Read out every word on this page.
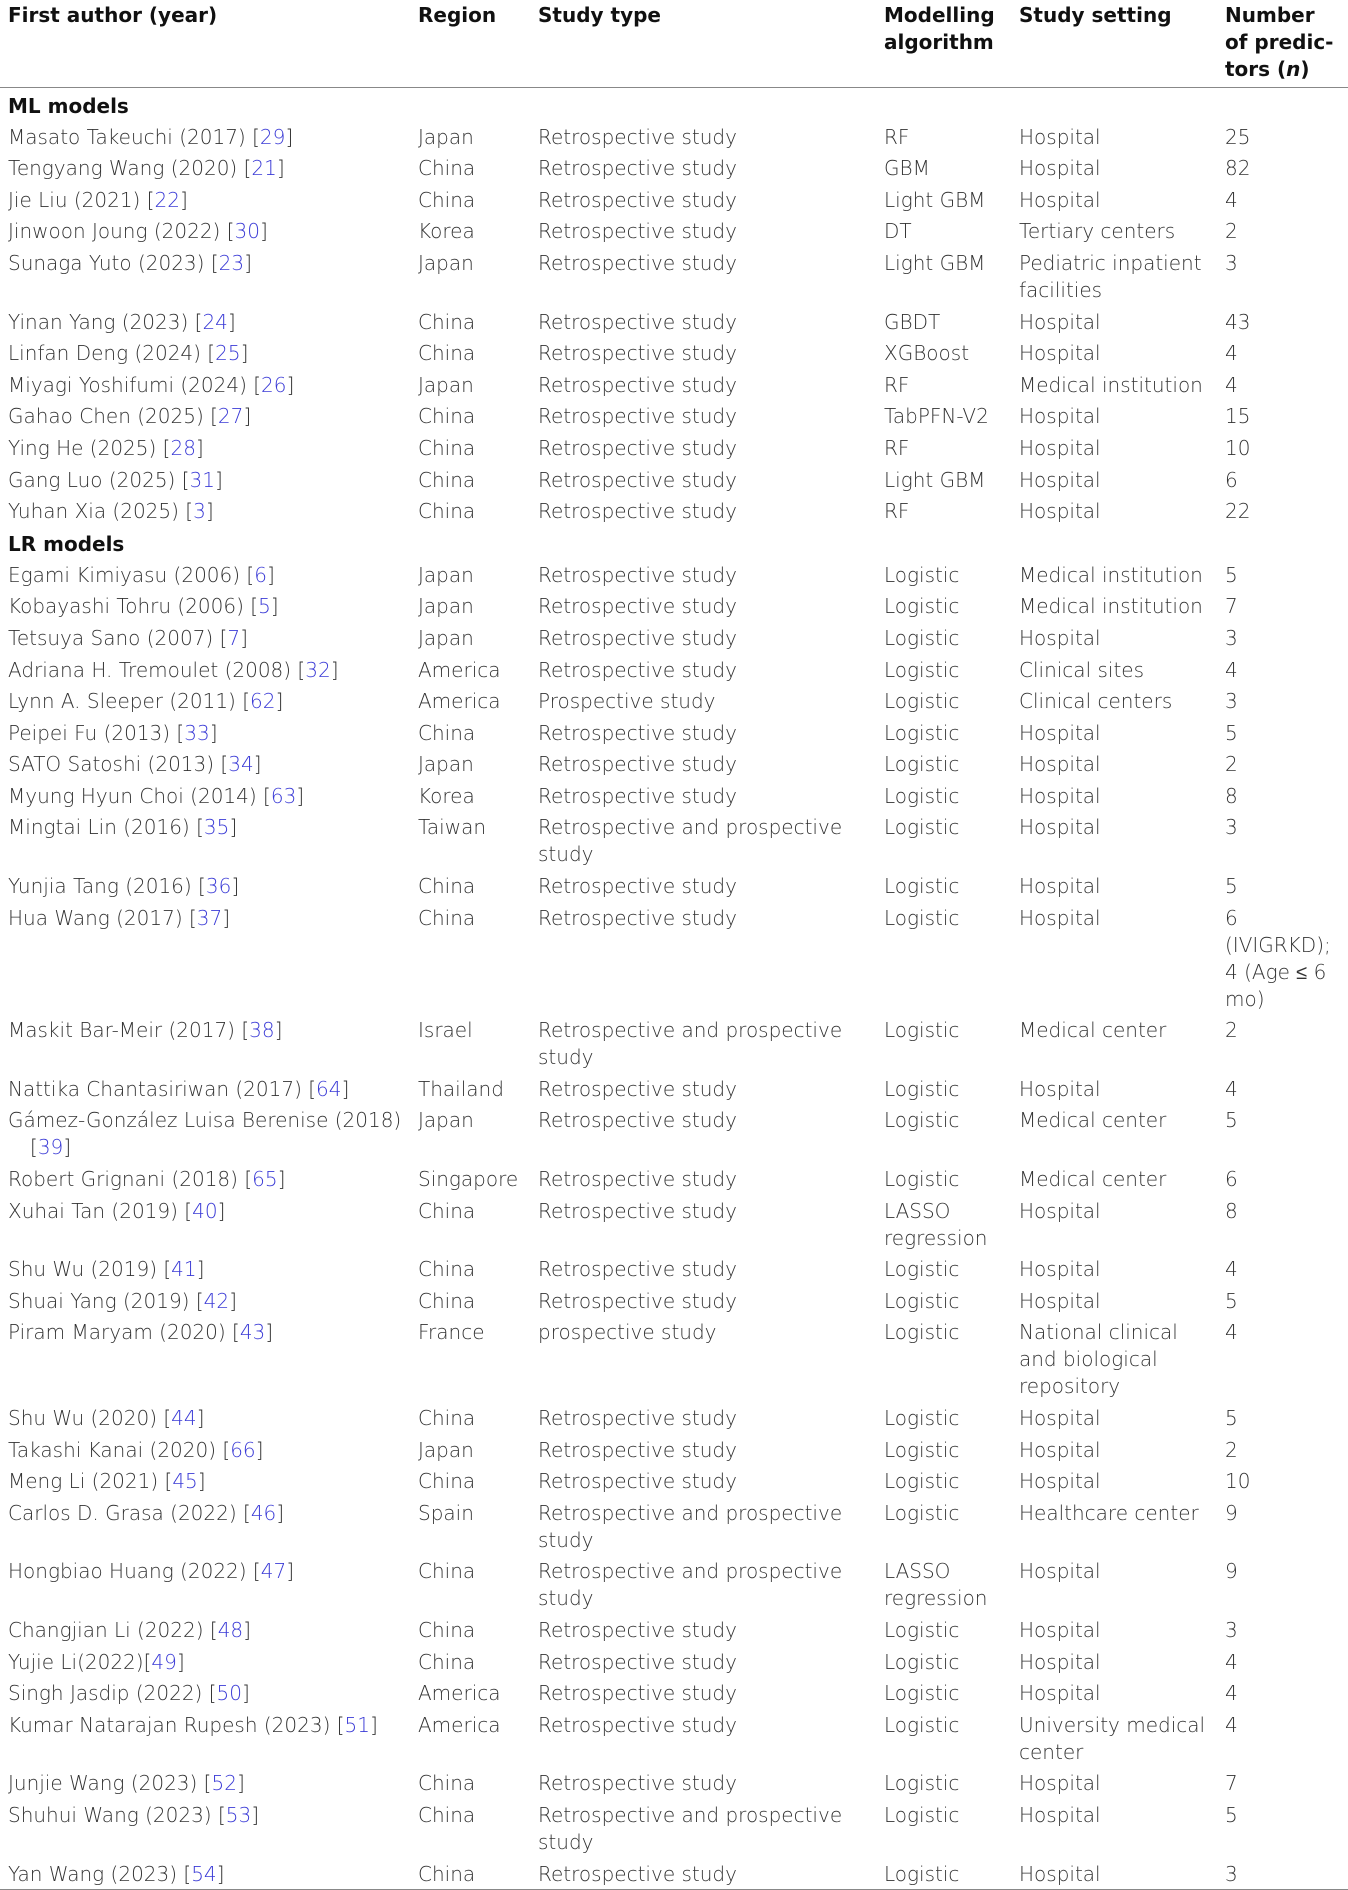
First author (year)	Region	Study type	Modelling algorithm	Study setting	Number of predic- tors (n)
ML models					
Masato Takeuchi (2017) [29]	Japan	Retrospective study	RF	Hospital	25
Tengyang Wang (2020) [21]	China	Retrospective study	GBM	Hospital	82
Jie Liu (2021) [22]	China	Retrospective study	Light GBM	Hospital	4
Jinwoon Joung (2022) [30]	Korea	Retrospective study	DT	Tertiary centers	2
Sunaga Yuto (2023) [23]	Japan	Retrospective study	Light GBM	Pediatric inpatient facilities	3
Yinan Yang (2023) [24]	China	Retrospective study	GBDT	Hospital	43
Linfan Deng (2024) [25]	China	Retrospective study	XGBoost	Hospital	4
Miyagi Yoshifumi (2024) [26]	Japan	Retrospective study	RF	Medical institution	4
Gahao Chen (2025) [27]	China	Retrospective study	TabPFN-V2	Hospital	15
Ying He (2025) [28]	China	Retrospective study	RF	Hospital	10
Gang Luo (2025) [31]	China	Retrospective study	Light GBM	Hospital	6
Yuhan Xia (2025) [3]	China	Retrospective study	RF	Hospital	22
LR models					
Egami Kimiyasu (2006) [6]	Japan	Retrospective study	Logistic	Medical institution	5
Kobayashi Tohru (2006) [5]	Japan	Retrospective study	Logistic	Medical institution	7
Tetsuya Sano (2007) [7]	Japan	Retrospective study	Logistic	Hospital	3
Adriana H. Tremoulet (2008) [32]	America	Retrospective study	Logistic	Clinical sites	4
Lynn A. Sleeper (2011) [62]	America	Prospective study	Logistic	Clinical centers	3
Peipei Fu (2013) [33]	China	Retrospective study	Logistic	Hospital	5
SATO Satoshi (2013) [34]	Japan	Retrospective study	Logistic	Hospital	2
Myung Hyun Choi (2014) [63]	Korea	Retrospective study	Logistic	Hospital	8
Mingtai Lin (2016) [35]	Taiwan	Retrospective and prospective study	Logistic	Hospital	3
Yunjia Tang (2016) [36]	China	Retrospective study	Logistic	Hospital	5
Hua Wang (2017) [37]	China	Retrospective study	Logistic	Hospital	6 (IVIGRKD); 4 (Age ≤ 6 mo)
Maskit Bar-Meir (2017) [38]	Israel	Retrospective and prospective study	Logistic	Medical center	2
Nattika Chantasiriwan (2017) [64]	Thailand	Retrospective study	Logistic	Hospital	4
Gámez-González Luisa Berenise (2018) [39]	Japan	Retrospective study	Logistic	Medical center	5
Robert Grignani (2018) [65]	Singapore	Retrospective study	Logistic	Medical center	6
Xuhai Tan (2019) [40]	China	Retrospective study	LASSO regression	Hospital	8
Shu Wu (2019) [41]	China	Retrospective study	Logistic	Hospital	4
Shuai Yang (2019) [42]	China	Retrospective study	Logistic	Hospital	5
Piram Maryam (2020) [43]	France	prospective study	Logistic	National clinical and biological repository	4
Shu Wu (2020) [44]	China	Retrospective study	Logistic	Hospital	5
Takashi Kanai (2020) [66]	Japan	Retrospective study	Logistic	Hospital	2
Meng Li (2021) [45]	China	Retrospective study	Logistic	Hospital	10
Carlos D. Grasa (2022) [46]	Spain	Retrospective and prospective study	Logistic	Healthcare center	9
Hongbiao Huang (2022) [47]	China	Retrospective and prospective study	LASSO regression	Hospital	9
Changjian Li (2022) [48]	China	Retrospective study	Logistic	Hospital	3
Yujie Li(2022)[49]	China	Retrospective study	Logistic	Hospital	4
Singh Jasdip (2022) [50]	America	Retrospective study	Logistic	Hospital	4
Kumar Natarajan Rupesh (2023) [51]	America	Retrospective study	Logistic	University medical center	4
Junjie Wang (2023) [52]	China	Retrospective study	Logistic	Hospital	7
Shuhui Wang (2023) [53]	China	Retrospective and prospective study	Logistic	Hospital	5
Yan Wang (2023) [54]	China	Retrospective study	Logistic	Hospital	3
